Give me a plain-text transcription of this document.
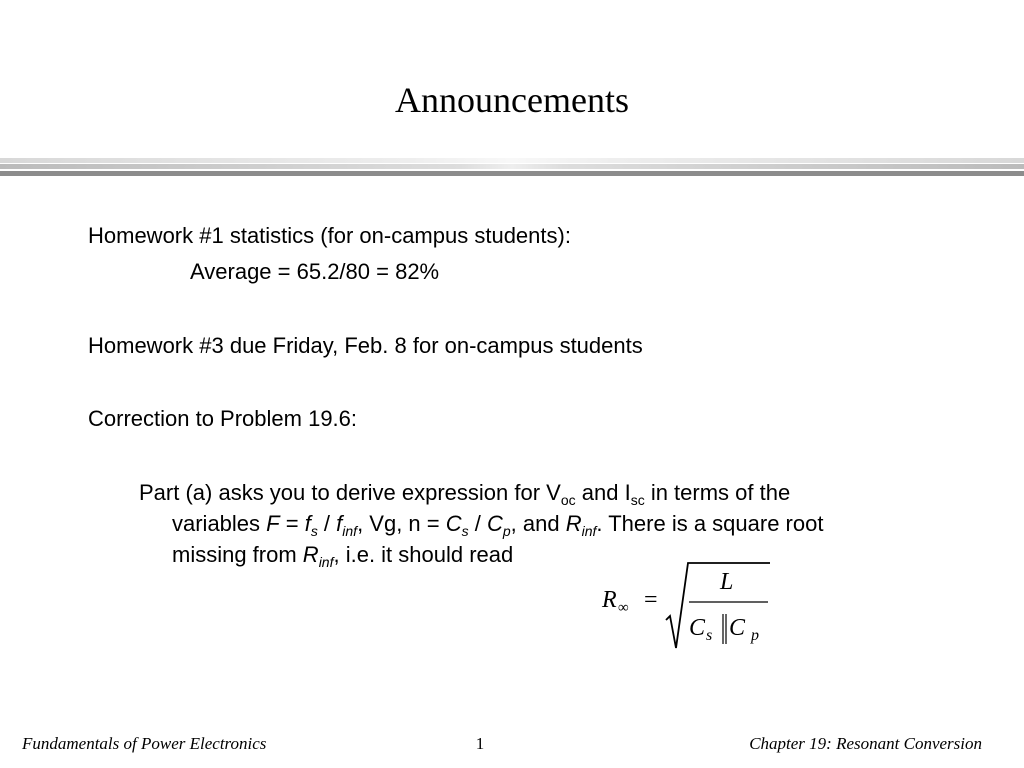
Announcements
Homework #1 statistics (for on-campus students):
Average = 65.2/80 = 82%
Homework #3 due Friday, Feb. 8 for on-campus students
Correction to Problem 19.6:
Part (a) asks you to derive expression for $V_{oc}$ and $I_{sc}$ in terms of the
variables $F = f_s / f_{inf}$, Vg, $n = C_s / C_p$, and $R_{inf}$. There is a square root
missing from $R_{inf}$, i.e. it should read
R ∞ =
L
C s C p
Fundamentals of Power Electronics	1	Chapter 19: Resonant Conversion
